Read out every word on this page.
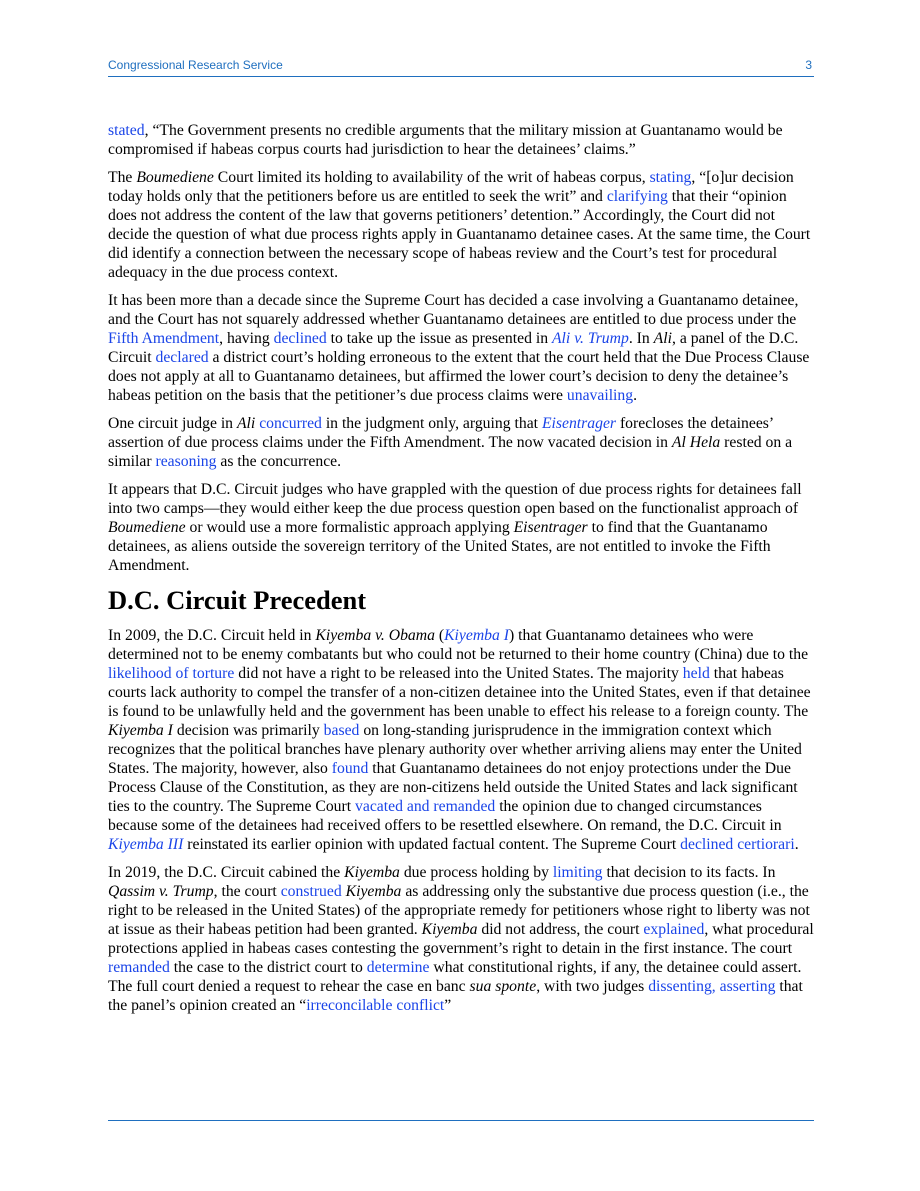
Congressional Research Service	3

stated, “The Government presents no credible arguments that the military mission at Guantanamo would be compromised if habeas corpus courts had jurisdiction to hear the detainees’ claims.”

The Boumediene Court limited its holding to availability of the writ of habeas corpus, stating, “[o]ur decision today holds only that the petitioners before us are entitled to seek the writ” and clarifying that their “opinion does not address the content of the law that governs petitioners’ detention.” Accordingly, the Court did not decide the question of what due process rights apply in Guantanamo detainee cases. At the same time, the Court did identify a connection between the necessary scope of habeas review and the Court’s test for procedural adequacy in the due process context.

It has been more than a decade since the Supreme Court has decided a case involving a Guantanamo detainee, and the Court has not squarely addressed whether Guantanamo detainees are entitled to due process under the Fifth Amendment, having declined to take up the issue as presented in Ali v. Trump. In Ali, a panel of the D.C. Circuit declared a district court’s holding erroneous to the extent that the court held that the Due Process Clause does not apply at all to Guantanamo detainees, but affirmed the lower court’s decision to deny the detainee’s habeas petition on the basis that the petitioner’s due process claims were unavailing.

One circuit judge in Ali concurred in the judgment only, arguing that Eisentrager forecloses the detainees’ assertion of due process claims under the Fifth Amendment. The now vacated decision in Al Hela rested on a similar reasoning as the concurrence.

It appears that D.C. Circuit judges who have grappled with the question of due process rights for detainees fall into two camps—they would either keep the due process question open based on the functionalist approach of Boumediene or would use a more formalistic approach applying Eisentrager to find that the Guantanamo detainees, as aliens outside the sovereign territory of the United States, are not entitled to invoke the Fifth Amendment.

D.C. Circuit Precedent

In 2009, the D.C. Circuit held in Kiyemba v. Obama (Kiyemba I) that Guantanamo detainees who were determined not to be enemy combatants but who could not be returned to their home country (China) due to the likelihood of torture did not have a right to be released into the United States. The majority held that habeas courts lack authority to compel the transfer of a non-citizen detainee into the United States, even if that detainee is found to be unlawfully held and the government has been unable to effect his release to a foreign county. The Kiyemba I decision was primarily based on long-standing jurisprudence in the immigration context which recognizes that the political branches have plenary authority over whether arriving aliens may enter the United States. The majority, however, also found that Guantanamo detainees do not enjoy protections under the Due Process Clause of the Constitution, as they are non-citizens held outside the United States and lack significant ties to the country. The Supreme Court vacated and remanded the opinion due to changed circumstances because some of the detainees had received offers to be resettled elsewhere. On remand, the D.C. Circuit in Kiyemba III reinstated its earlier opinion with updated factual content. The Supreme Court declined certiorari.

In 2019, the D.C. Circuit cabined the Kiyemba due process holding by limiting that decision to its facts. In Qassim v. Trump, the court construed Kiyemba as addressing only the substantive due process question (i.e., the right to be released in the United States) of the appropriate remedy for petitioners whose right to liberty was not at issue as their habeas petition had been granted. Kiyemba did not address, the court explained, what procedural protections applied in habeas cases contesting the government’s right to detain in the first instance. The court remanded the case to the district court to determine what constitutional rights, if any, the detainee could assert. The full court denied a request to rehear the case en banc sua sponte, with two judges dissenting, asserting that the panel’s opinion created an “irreconcilable conflict”
